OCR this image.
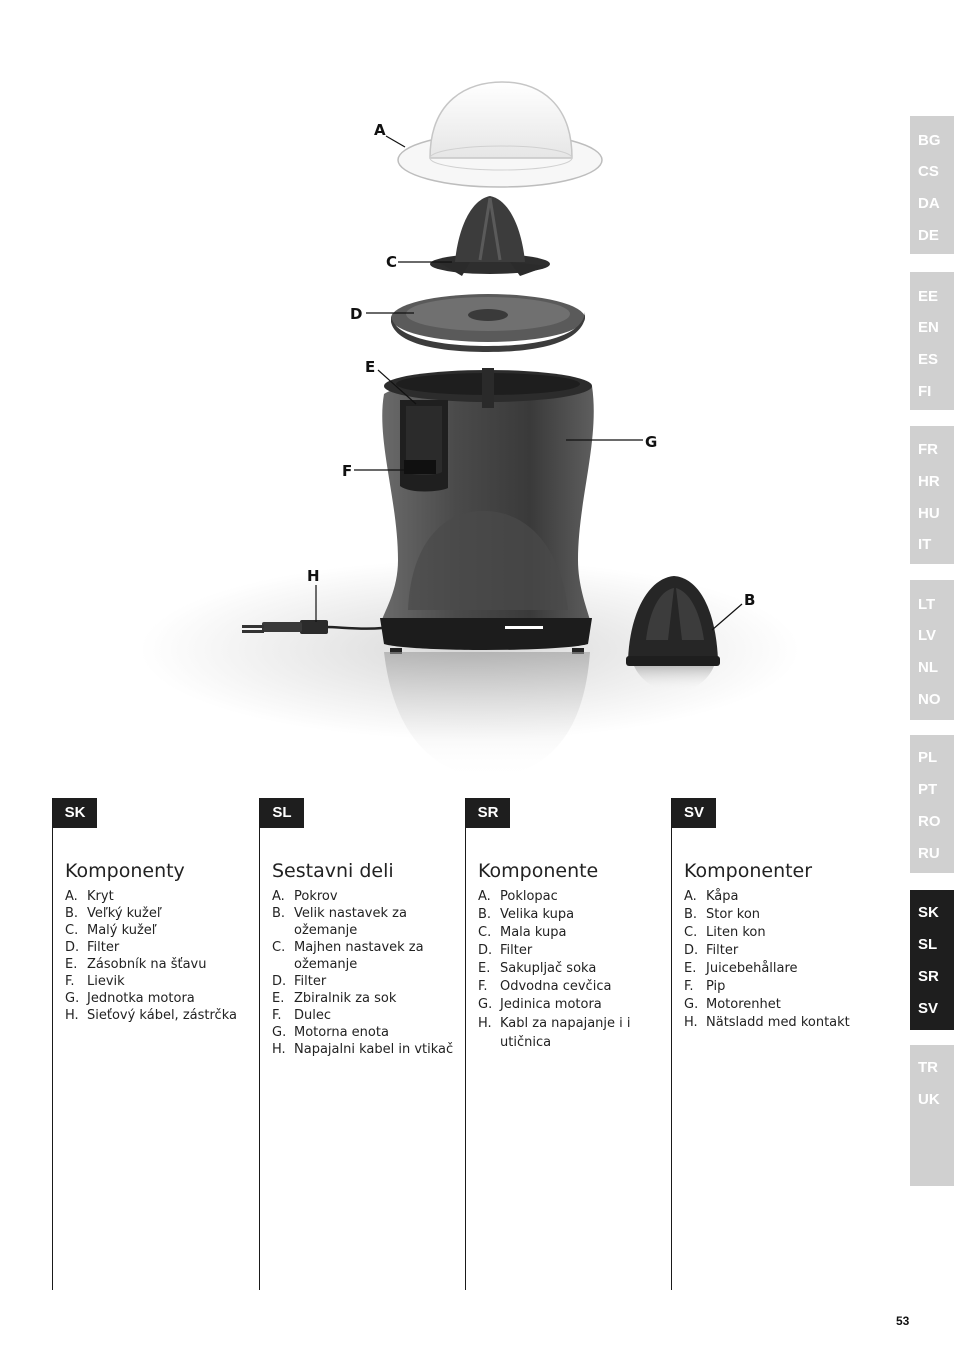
A
C
D
E
F
G
H
B
BG
CS
DA
DE
EE
EN
ES
FI
FR
HR
HU
IT
LT
LV
NL
NO
PL
PT
RO
RU
SK
SL
SR
SV
TR
UK
SK
Komponenty
A. Kryt
B. Veľký kužeľ
C. Malý kužeľ
D. Filter
E. Zásobník na šťavu
F. Lievik
G. Jednotka motora
H. Sieťový kábel, zástrčka
SL
Sestavni deli
A. Pokrov
B. Velik nastavek za ožemanje
C. Majhen nastavek za ožemanje
D. Filter
E. Zbiralnik za sok
F. Dulec
G. Motorna enota
H. Napajalni kabel in vtikač
SR
Komponente
A. Poklopac
B. Velika kupa
C. Mala kupa
D. Filter
E. Sakupljač soka
F. Odvodna cevčica
G. Jedinica motora
H. Kabl za napajanje i i utičnica
SV
Komponenter
A. Kåpa
B. Stor kon
C. Liten kon
D. Filter
E. Juicebehållare
F. Pip
G. Motorenhet
H. Nätsladd med kontakt
53
